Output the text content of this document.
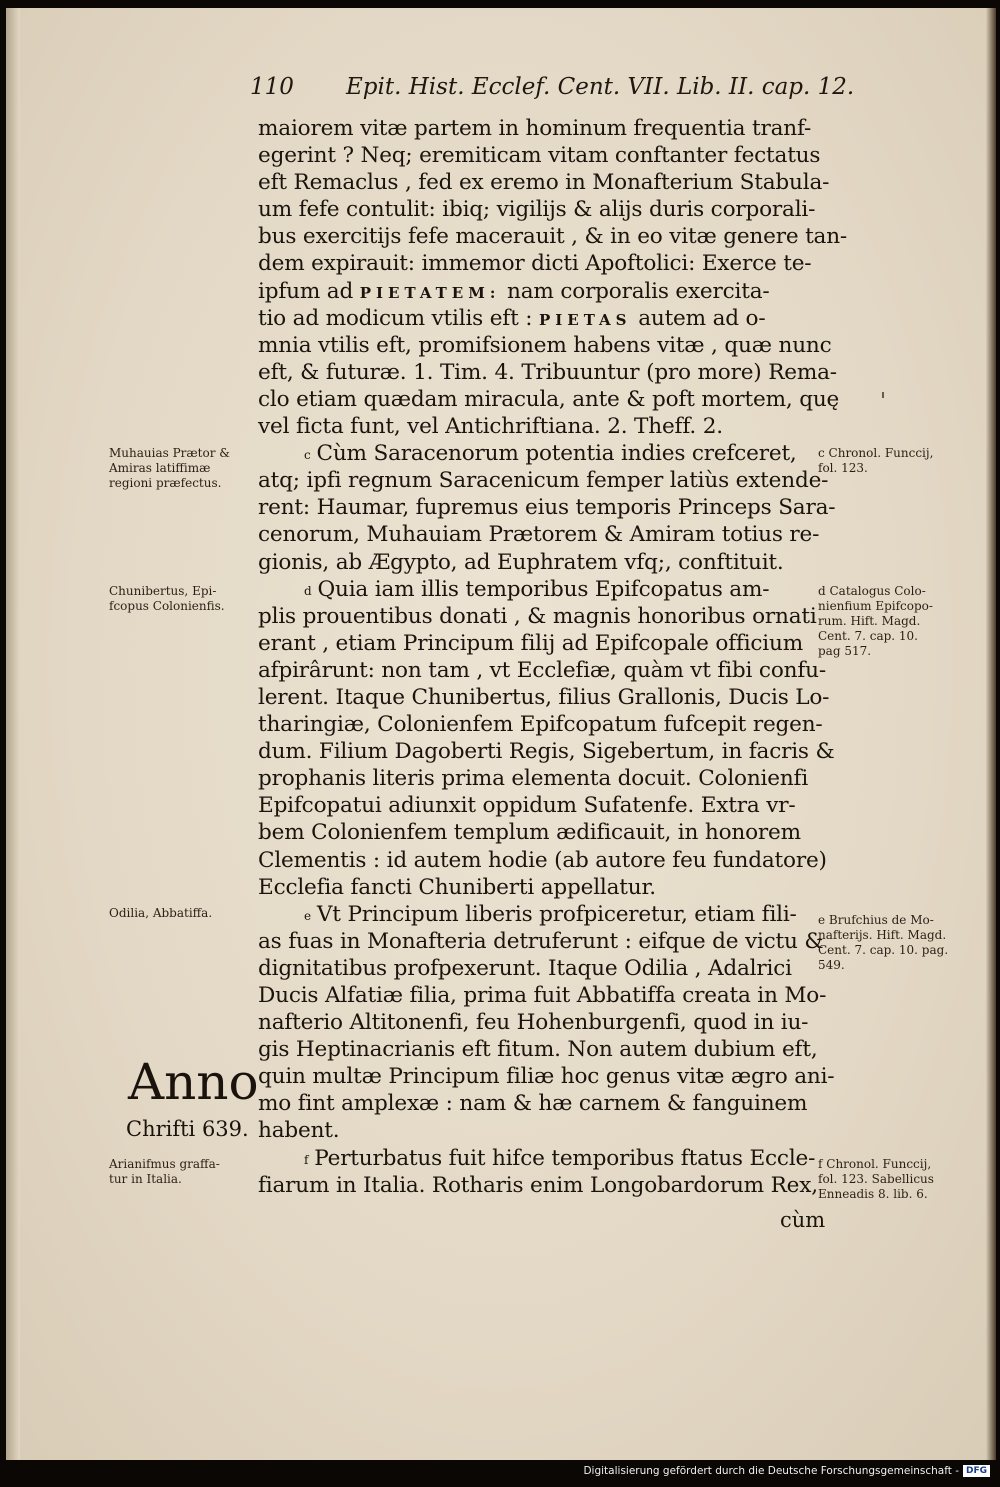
110 Epit. Hist. Ecclef. Cent. VII. Lib. II. cap. 12.
maiorem vitæ partem in hominum frequentia tranf-
egerint ? Neq; eremiticam vitam conftanter fectatus
eft Remaclus , fed ex eremo in Monafterium Stabula-
um fefe contulit: ibiq; vigilijs & alijs duris corporali-
bus exercitijs fefe macerauit , & in eo vitæ genere tan-
dem expirauit: immemor dicti Apoftolici: Exerce te-
ipfum ad PIETATEM: nam corporalis exercita-
tio ad modicum vtilis eft : PIETAS autem ad o-
mnia vtilis eft, promifsionem habens vitæ , quæ nunc
eft, & futuræ. 1. Tim. 4. Tribuuntur (pro more) Rema-
clo etiam quædam miracula, ante & poft mortem, quę
vel ficta funt, vel Antichriftiana. 2. Theff. 2.
$^c$ Cùm Saracenorum potentia indies crefceret,
atq; ipfi regnum Saracenicum femper latiùs extende-
rent: Haumar, fupremus eius temporis Princeps Sara-
cenorum, Muhauiam Prætorem & Amiram totius re-
gionis, ab Ægypto, ad Euphratem vfq;, conftituit.
$^d$ Quia iam illis temporibus Epifcopatus am-
plis prouentibus donati , & magnis honoribus ornati
erant , etiam Principum filij ad Epifcopale officium
afpirârunt: non tam , vt Ecclefiæ, quàm vt fibi confu-
lerent. Itaque Chunibertus, filius Grallonis, Ducis Lo-
tharingiæ, Colonienfem Epifcopatum fufcepit regen-
dum. Filium Dagoberti Regis, Sigebertum, in facris &
prophanis literis prima elementa docuit. Colonienfi
Epifcopatui adiunxit oppidum Sufatenfe. Extra vr-
bem Colonienfem templum ædificauit, in honorem
Clementis : id autem hodie (ab autore feu fundatore)
Ecclefia fancti Chuniberti appellatur.
$^e$ Vt Principum liberis profpiceretur, etiam fili-
as fuas in Monafteria detruferunt : eifque de victu &
dignitatibus profpexerunt. Itaque Odilia , Adalrici
Ducis Alfatiæ filia, prima fuit Abbatiffa creata in Mo-
nafterio Altitonenfi, feu Hohenburgenfi, quod in iu-
gis Heptinacrianis eft fitum. Non autem dubium eft,
quin multæ Principum filiæ hoc genus vitæ ægro ani-
mo fint amplexæ : nam & hæ carnem & fanguinem
habent.
$^f$ Perturbatus fuit hifce temporibus ftatus Eccle-
fiarum in Italia. Rotharis enim Longobardorum Rex,
cùm
Muhauias Prætor &
Amiras latiffimæ
regioni præfectus.
Chunibertus, Epi-
fcopus Colonienfis.
Odilia, Abbatiffa.
Anno
Chrifti 639.
Arianifmus graffa-
tur in Italia.
c Chronol. Funccij,
fol. 123.
d Catalogus Colo-
nienfium Epifcopo-
rum. Hift. Magd.
Cent. 7. cap. 10.
pag 517.
e Brufchius de Mo-
nafterijs. Hift. Magd.
Cent. 7. cap. 10. pag.
549.
f Chronol. Funccij,
fol. 123. Sabellicus
Enneadis 8. lib. 6.
Digitalisierung gefördert durch die Deutsche Forschungsgemeinschaft - DFG
